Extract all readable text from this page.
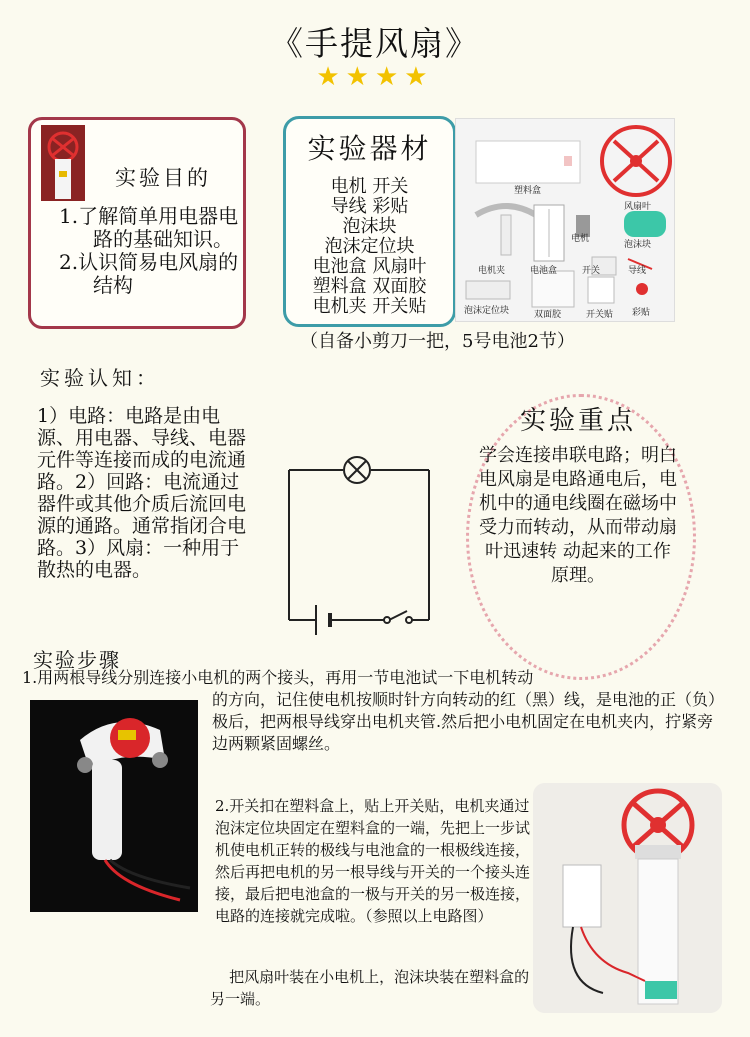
《手提风扇》
★★★★
实验目的
1.了解简单用电器电路的基础知识。
2.认识简易电风扇的结构
实验器材
电机 开关
导线 彩贴
泡沫块
泡沫定位块
电池盒 风扇叶
塑料盒 双面胶
电机夹 开关贴
塑料盒
风扇叶
电机
泡沫块
电机夹	电池盒	开关	导线
泡沫定位块	双面胶	开关贴 彩贴
（自备小剪刀一把，5号电池2节）
实验认知：
1）电路：电路是由电源、用电器、导线、电器元件等连接而成的电流通路。2）回路：电流通过器件或其他介质后流回电源的通路。通常指闭合电路。3）风扇：一种用于散热的电器。
实验重点
学会连接串联电路；明白电风扇是电路通电后，电机中的通电线圈在磁场中受力而转动，从而带动扇叶迅速转 动起来的工作原理。
实验步骤
1.用两根导线分别连接小电机的两个接头，再用一节电池试一下电机转动
的方向，记住使电机按顺时针方向转动的红（黑）线，是电池的正（负）极后，把两根导线穿出电机夹管.然后把小电机固定在电机夹内，拧紧旁边两颗紧固螺丝。
2.开关扣在塑料盒上，贴上开关贴，电机夹通过泡沫定位块固定在塑料盒的一端，先把上一步试机使电机正转的极线与电池盒的一根极线连接，然后再把电机的另一根导线与开关的一个接头连接，最后把电池盒的一极与开关的另一极连接，电路的连接就完成啦。（参照以上电路图）
把风扇叶装在小电机上，泡沫块装在塑料盒的另一端。
